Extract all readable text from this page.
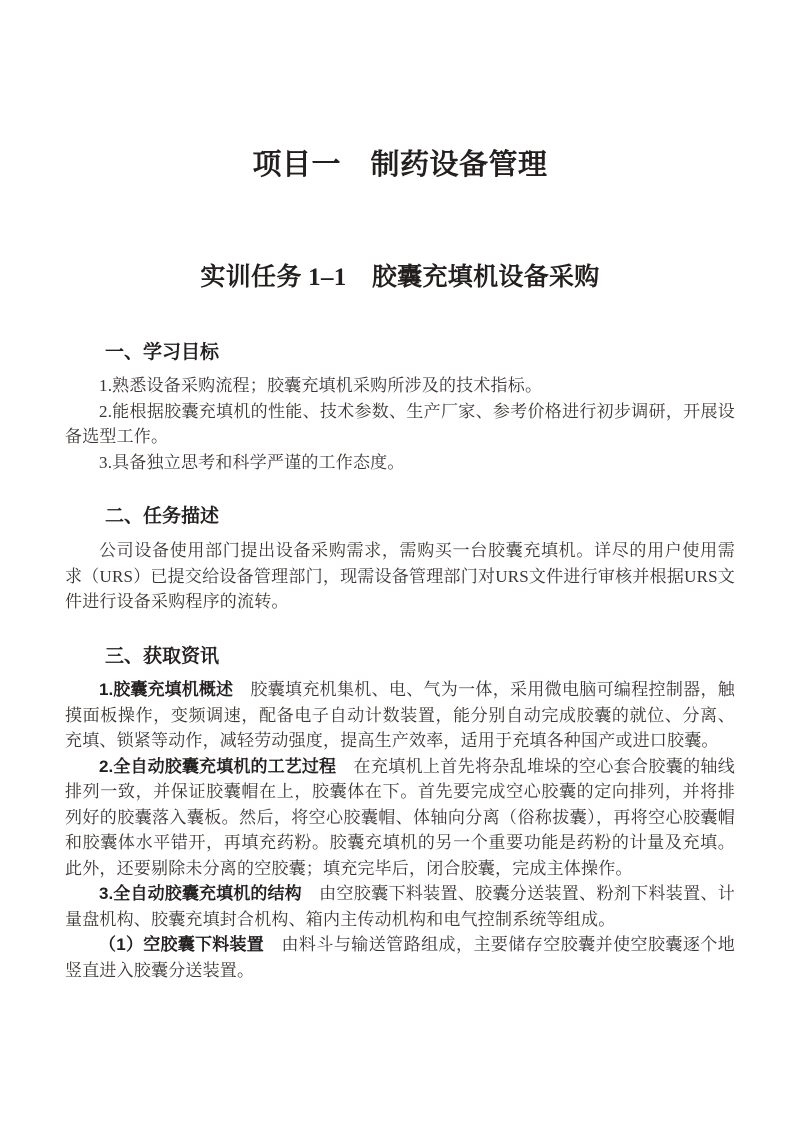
项目一　制药设备管理
实训任务 1–1　胶囊充填机设备采购
一、学习目标

1.熟悉设备采购流程；胶囊充填机采购所涉及的技术指标。

2.能根据胶囊充填机的性能、技术参数、生产厂家、参考价格进行初步调研，开展设备选型工作。

3.具备独立思考和科学严谨的工作态度。

二、任务描述

公司设备使用部门提出设备采购需求，需购买一台胶囊充填机。详尽的用户使用需求（URS）已提交给设备管理部门，现需设备管理部门对URS文件进行审核并根据URS文件进行设备采购程序的流转。

三、获取资讯

1.胶囊充填机概述　胶囊填充机集机、电、气为一体，采用微电脑可编程控制器，触摸面板操作，变频调速，配备电子自动计数装置，能分别自动完成胶囊的就位、分离、充填、锁紧等动作，减轻劳动强度，提高生产效率，适用于充填各种国产或进口胶囊。

2.全自动胶囊充填机的工艺过程　在充填机上首先将杂乱堆垛的空心套合胶囊的轴线排列一致，并保证胶囊帽在上，胶囊体在下。首先要完成空心胶囊的定向排列，并将排列好的胶囊落入囊板。然后，将空心胶囊帽、体轴向分离（俗称拔囊），再将空心胶囊帽和胶囊体水平错开，再填充药粉。胶囊充填机的另一个重要功能是药粉的计量及充填。此外，还要剔除未分离的空胶囊；填充完毕后，闭合胶囊，完成主体操作。

3.全自动胶囊充填机的结构　由空胶囊下料装置、胶囊分送装置、粉剂下料装置、计量盘机构、胶囊充填封合机构、箱内主传动机构和电气控制系统等组成。

（1）空胶囊下料装置　由料斗与输送管路组成，主要储存空胶囊并使空胶囊逐个地竖直进入胶囊分送装置。
